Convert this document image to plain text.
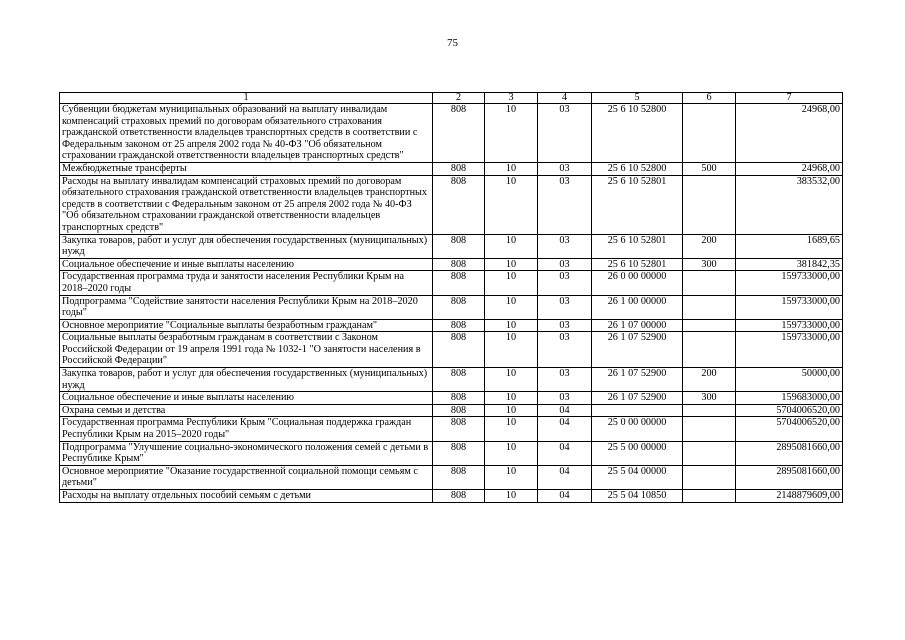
75
1	2	3	4	5	6	7
Субвенции бюджетам муниципальных образований на выплату инвалидам компенсаций страховых премий по договорам обязательного страхования гражданской ответственности владельцев транспортных средств в соответствии с Федеральным законом от 25 апреля 2002 года № 40-ФЗ "Об обязательном страховании гражданской ответственности владельцев транспортных средств"	808	10	03	25 6 10 52800		24968,00
Межбюджетные трансферты	808	10	03	25 6 10 52800	500	24968,00
Расходы на выплату инвалидам компенсаций страховых премий по договорам обязательного страхования гражданской ответственности владельцев транспортных средств в соответствии с Федеральным законом от 25 апреля 2002 года № 40-ФЗ "Об обязательном страховании гражданской ответственности владельцев транспортных средств"	808	10	03	25 6 10 52801		383532,00
Закупка товаров, работ и услуг для обеспечения государственных (муниципальных) нужд	808	10	03	25 6 10 52801	200	1689,65
Социальное обеспечение и иные выплаты населению	808	10	03	25 6 10 52801	300	381842,35
Государственная программа труда и занятости населения Республики Крым на 2018–2020 годы	808	10	03	26 0 00 00000		159733000,00
Подпрограмма "Содействие занятости населения Республики Крым на 2018–2020 годы"	808	10	03	26 1 00 00000		159733000,00
Основное мероприятие "Социальные выплаты безработным гражданам"	808	10	03	26 1 07 00000		159733000,00
Социальные выплаты безработным гражданам в соответствии с Законом Российской Федерации от 19 апреля 1991 года № 1032-1 "О занятости населения в Российской Федерации"	808	10	03	26 1 07 52900		159733000,00
Закупка товаров, работ и услуг для обеспечения государственных (муниципальных) нужд	808	10	03	26 1 07 52900	200	50000,00
Социальное обеспечение и иные выплаты населению	808	10	03	26 1 07 52900	300	159683000,00
Охрана семьи и детства	808	10	04			5704006520,00
Государственная программа Республики Крым "Социальная поддержка граждан Республики Крым на 2015–2020 годы"	808	10	04	25 0 00 00000		5704006520,00
Подпрограмма "Улучшение социально-экономического положения семей с детьми в Республике Крым"	808	10	04	25 5 00 00000		2895081660,00
Основное мероприятие "Оказание государственной социальной помощи семьям с детьми"	808	10	04	25 5 04 00000		2895081660,00
Расходы на выплату отдельных пособий семьям с детьми	808	10	04	25 5 04 10850		2148879609,00
